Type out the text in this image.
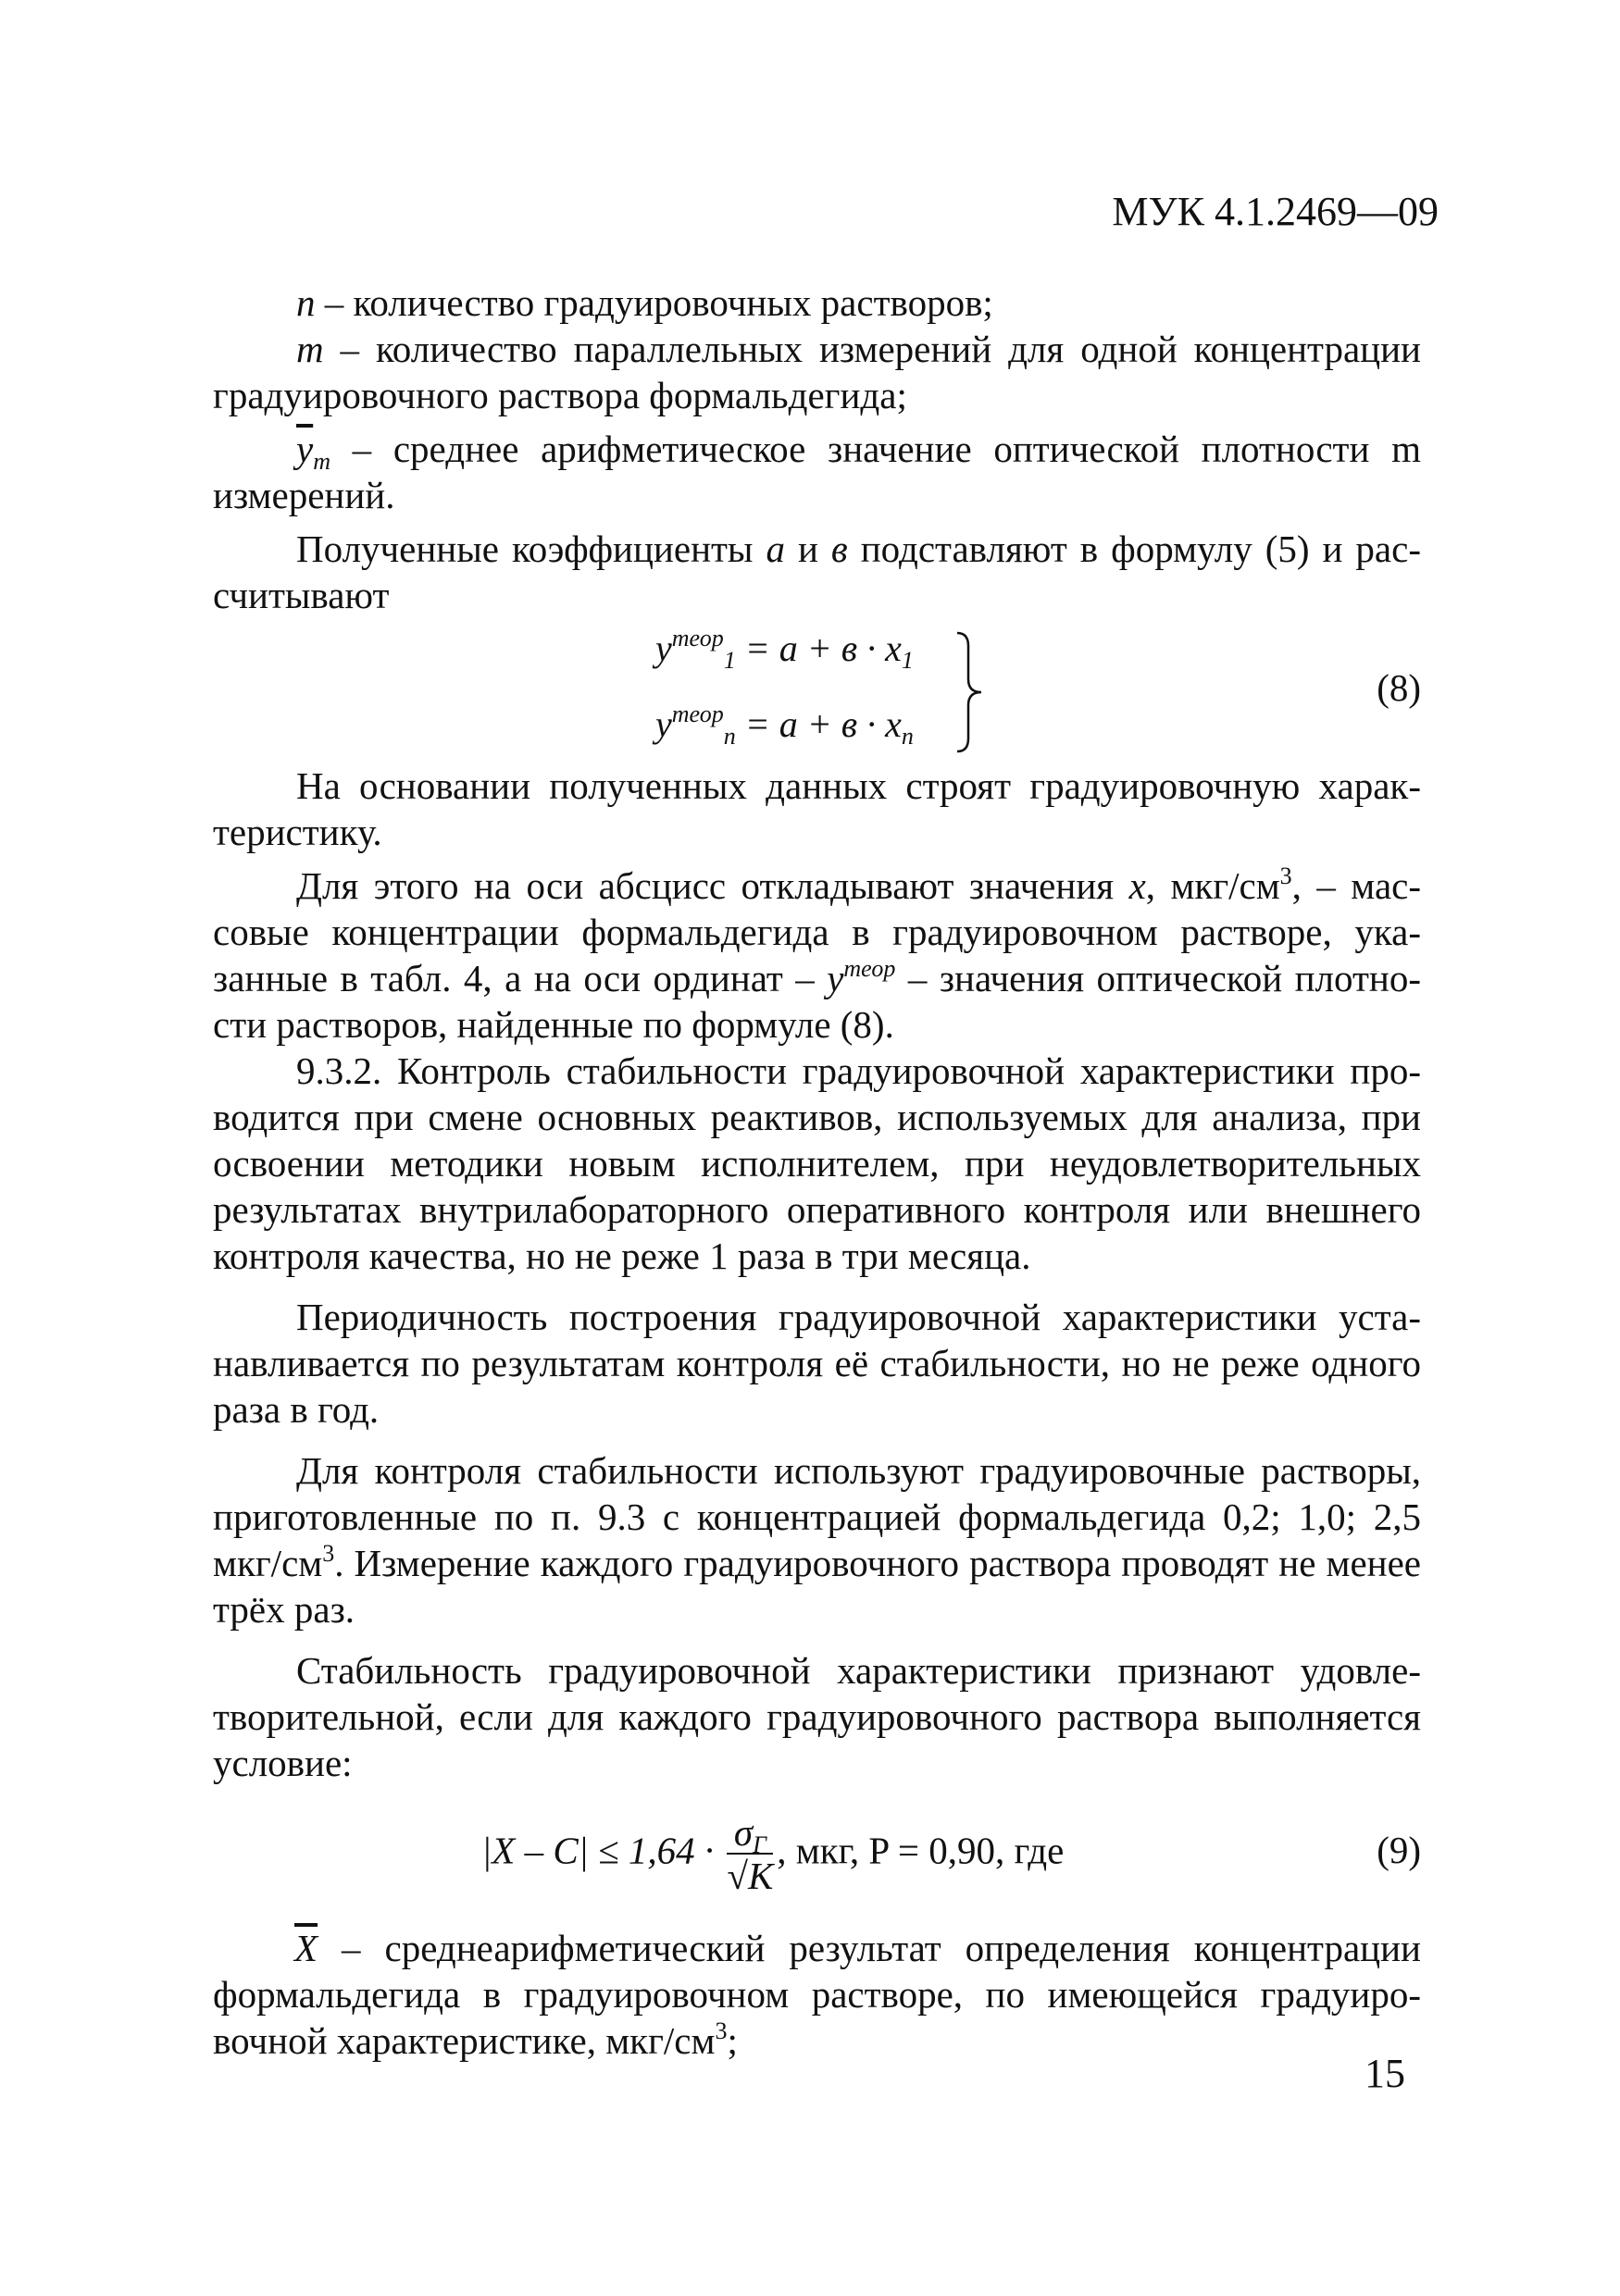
МУК 4.1.2469—09

n – количество градуировочных растворов;

m – количество параллельных измерений для одной концентрации градуировочного раствора формальдегида;

$\overline{y}_m$ – среднее арифметическое значение оптической плотности m измерений.

Полученные коэффициенты а и в подставляют в формулу (5) и рассчитывают

$y^{теор}_1 = a + в \cdot x_1$
$y^{теор}_n = a + в \cdot x_n$
(8)

На основании полученных данных строят градуировочную характеристику.

Для этого на оси абсцисс откладывают значения x, мкг/$см^3$, – массовые концентрации формальдегида в градуировочном растворе, указанные в табл. 4, а на оси ординат – $y^{теор}$ – значения оптической плотности растворов, найденные по формуле (8).

9.3.2. Контроль стабильности градуировочной характеристики проводится при смене основных реактивов, используемых для анализа, при освоении методики новым исполнителем, при неудовлетворительных результатах внутрилабораторного оперативного контроля или внешнего контроля качества, но не реже 1 раза в три месяца.

Периодичность построения градуировочной характеристики устанавливается по результатам контроля её стабильности, но не реже одного раза в год.

Для контроля стабильности используют градуировочные растворы, приготовленные по п. 9.3 с концентрацией формальдегида 0,2; 1,0; 2,5 мкг/$см^3$. Измерение каждого градуировочного раствора проводят не менее трёх раз.

Стабильность градуировочной характеристики признают удовлетворительной, если для каждого градуировочного раствора выполняется условие:

$|X - C| \le 1,64 \cdot \frac{\sigma_Г}{√K}$ , мкг, P = 0,90, где	(9)

$\overline{X}$ – среднеарифметический результат определения концентрации формальдегида в градуировочном растворе, по имеющейся градуировочной характеристике, мкг/$см^3$;

15
